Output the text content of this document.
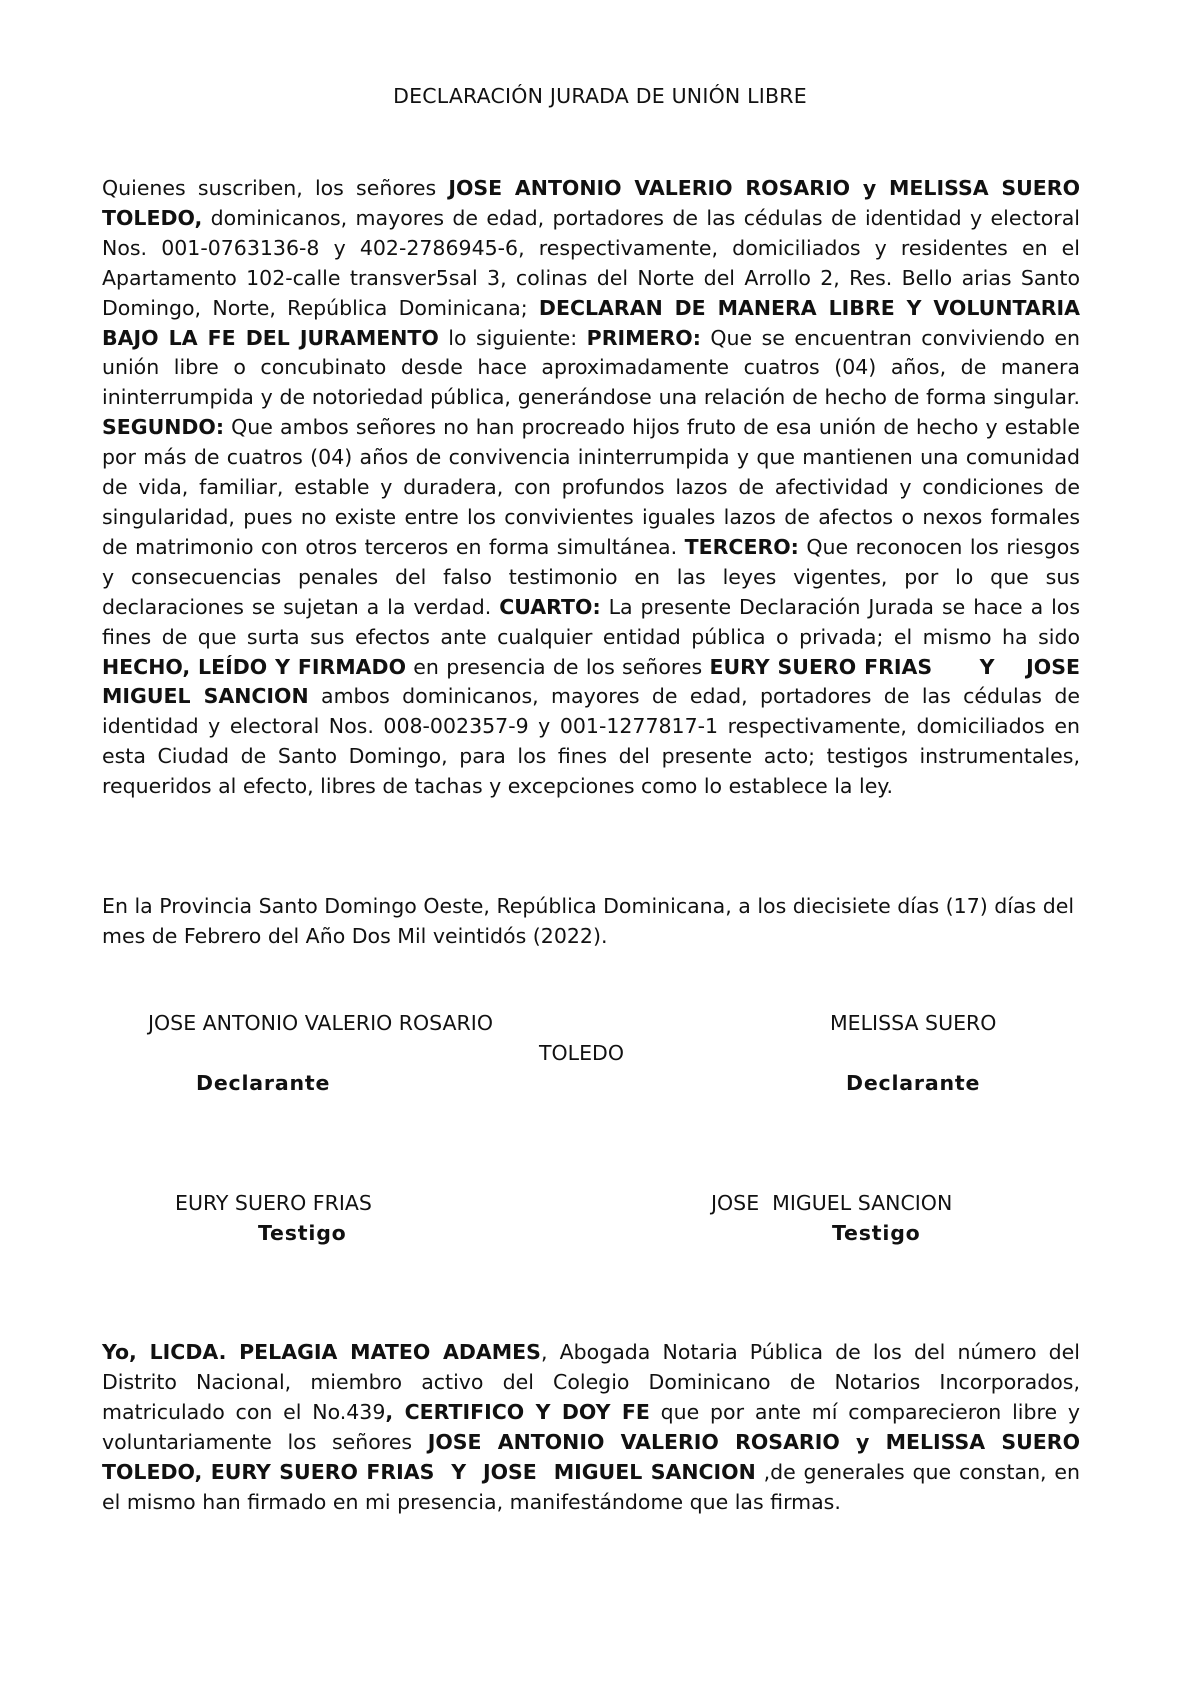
DECLARACIÓN JURADA DE UNIÓN LIBRE

Quienes suscriben, los señores JOSE ANTONIO VALERIO ROSARIO y MELISSA SUERO TOLEDO, dominicanos, mayores de edad, portadores de las cédulas de identidad y electoral Nos. 001-0763136-8 y 402-2786945-6, respectivamente, domiciliados y residentes en el Apartamento 102-calle transver5sal 3, colinas del Norte del Arrollo 2, Res. Bello arias Santo Domingo, Norte, República Dominicana; DECLARAN DE MANERA LIBRE Y VOLUNTARIA BAJO LA FE DEL JURAMENTO lo siguiente: PRIMERO: Que se encuentran conviviendo en unión libre o concubinato desde hace aproximadamente cuatros (04) años, de manera ininterrumpida y de notoriedad pública, generándose una relación de hecho de forma singular. SEGUNDO: Que ambos señores no han procreado hijos fruto de esa unión de hecho y estable por más de cuatros (04) años de convivencia ininterrumpida y que mantienen una comunidad de vida, familiar, estable y duradera, con profundos lazos de afectividad y condiciones de singularidad, pues no existe entre los convivientes iguales lazos de afectos o nexos formales de matrimonio con otros terceros en forma simultánea. TERCERO: Que reconocen los riesgos y consecuencias penales del falso testimonio en las leyes vigentes, por lo que sus declaraciones se sujetan a la verdad. CUARTO: La presente Declaración Jurada se hace a los fines de que surta sus efectos ante cualquier entidad pública o privada; el mismo ha sido HECHO, LEÍDO Y FIRMADO en presencia de los señores EURY SUERO FRIAS      Y    JOSE MIGUEL SANCION ambos dominicanos, mayores de edad, portadores de las cédulas de identidad y electoral Nos. 008-002357-9 y 001-1277817-1 respectivamente, domiciliados en esta Ciudad de Santo Domingo, para los fines del presente acto; testigos instrumentales, requeridos al efecto, libres de tachas y excepciones como lo establece la ley.

En la Provincia Santo Domingo Oeste, República Dominicana, a los diecisiete días (17) días del mes de Febrero del Año Dos Mil veintidós (2022).

JOSE ANTONIO VALERIO ROSARIO	MELISSA SUERO
TOLEDO
Declarante	Declarante
EURY SUERO FRIAS	JOSE  MIGUEL SANCION
Testigo	Testigo

Yo, LICDA. PELAGIA MATEO ADAMES, Abogada Notaria Pública de los del número del Distrito Nacional, miembro activo del Colegio Dominicano de Notarios Incorporados, matriculado con el No.439, CERTIFICO Y DOY FE que por ante mí comparecieron libre y voluntariamente los señores JOSE ANTONIO VALERIO ROSARIO y MELISSA SUERO TOLEDO, EURY SUERO FRIAS  Y  JOSE  MIGUEL SANCION ,de generales que constan, en el mismo han firmado en mi presencia, manifestándome que las firmas.
